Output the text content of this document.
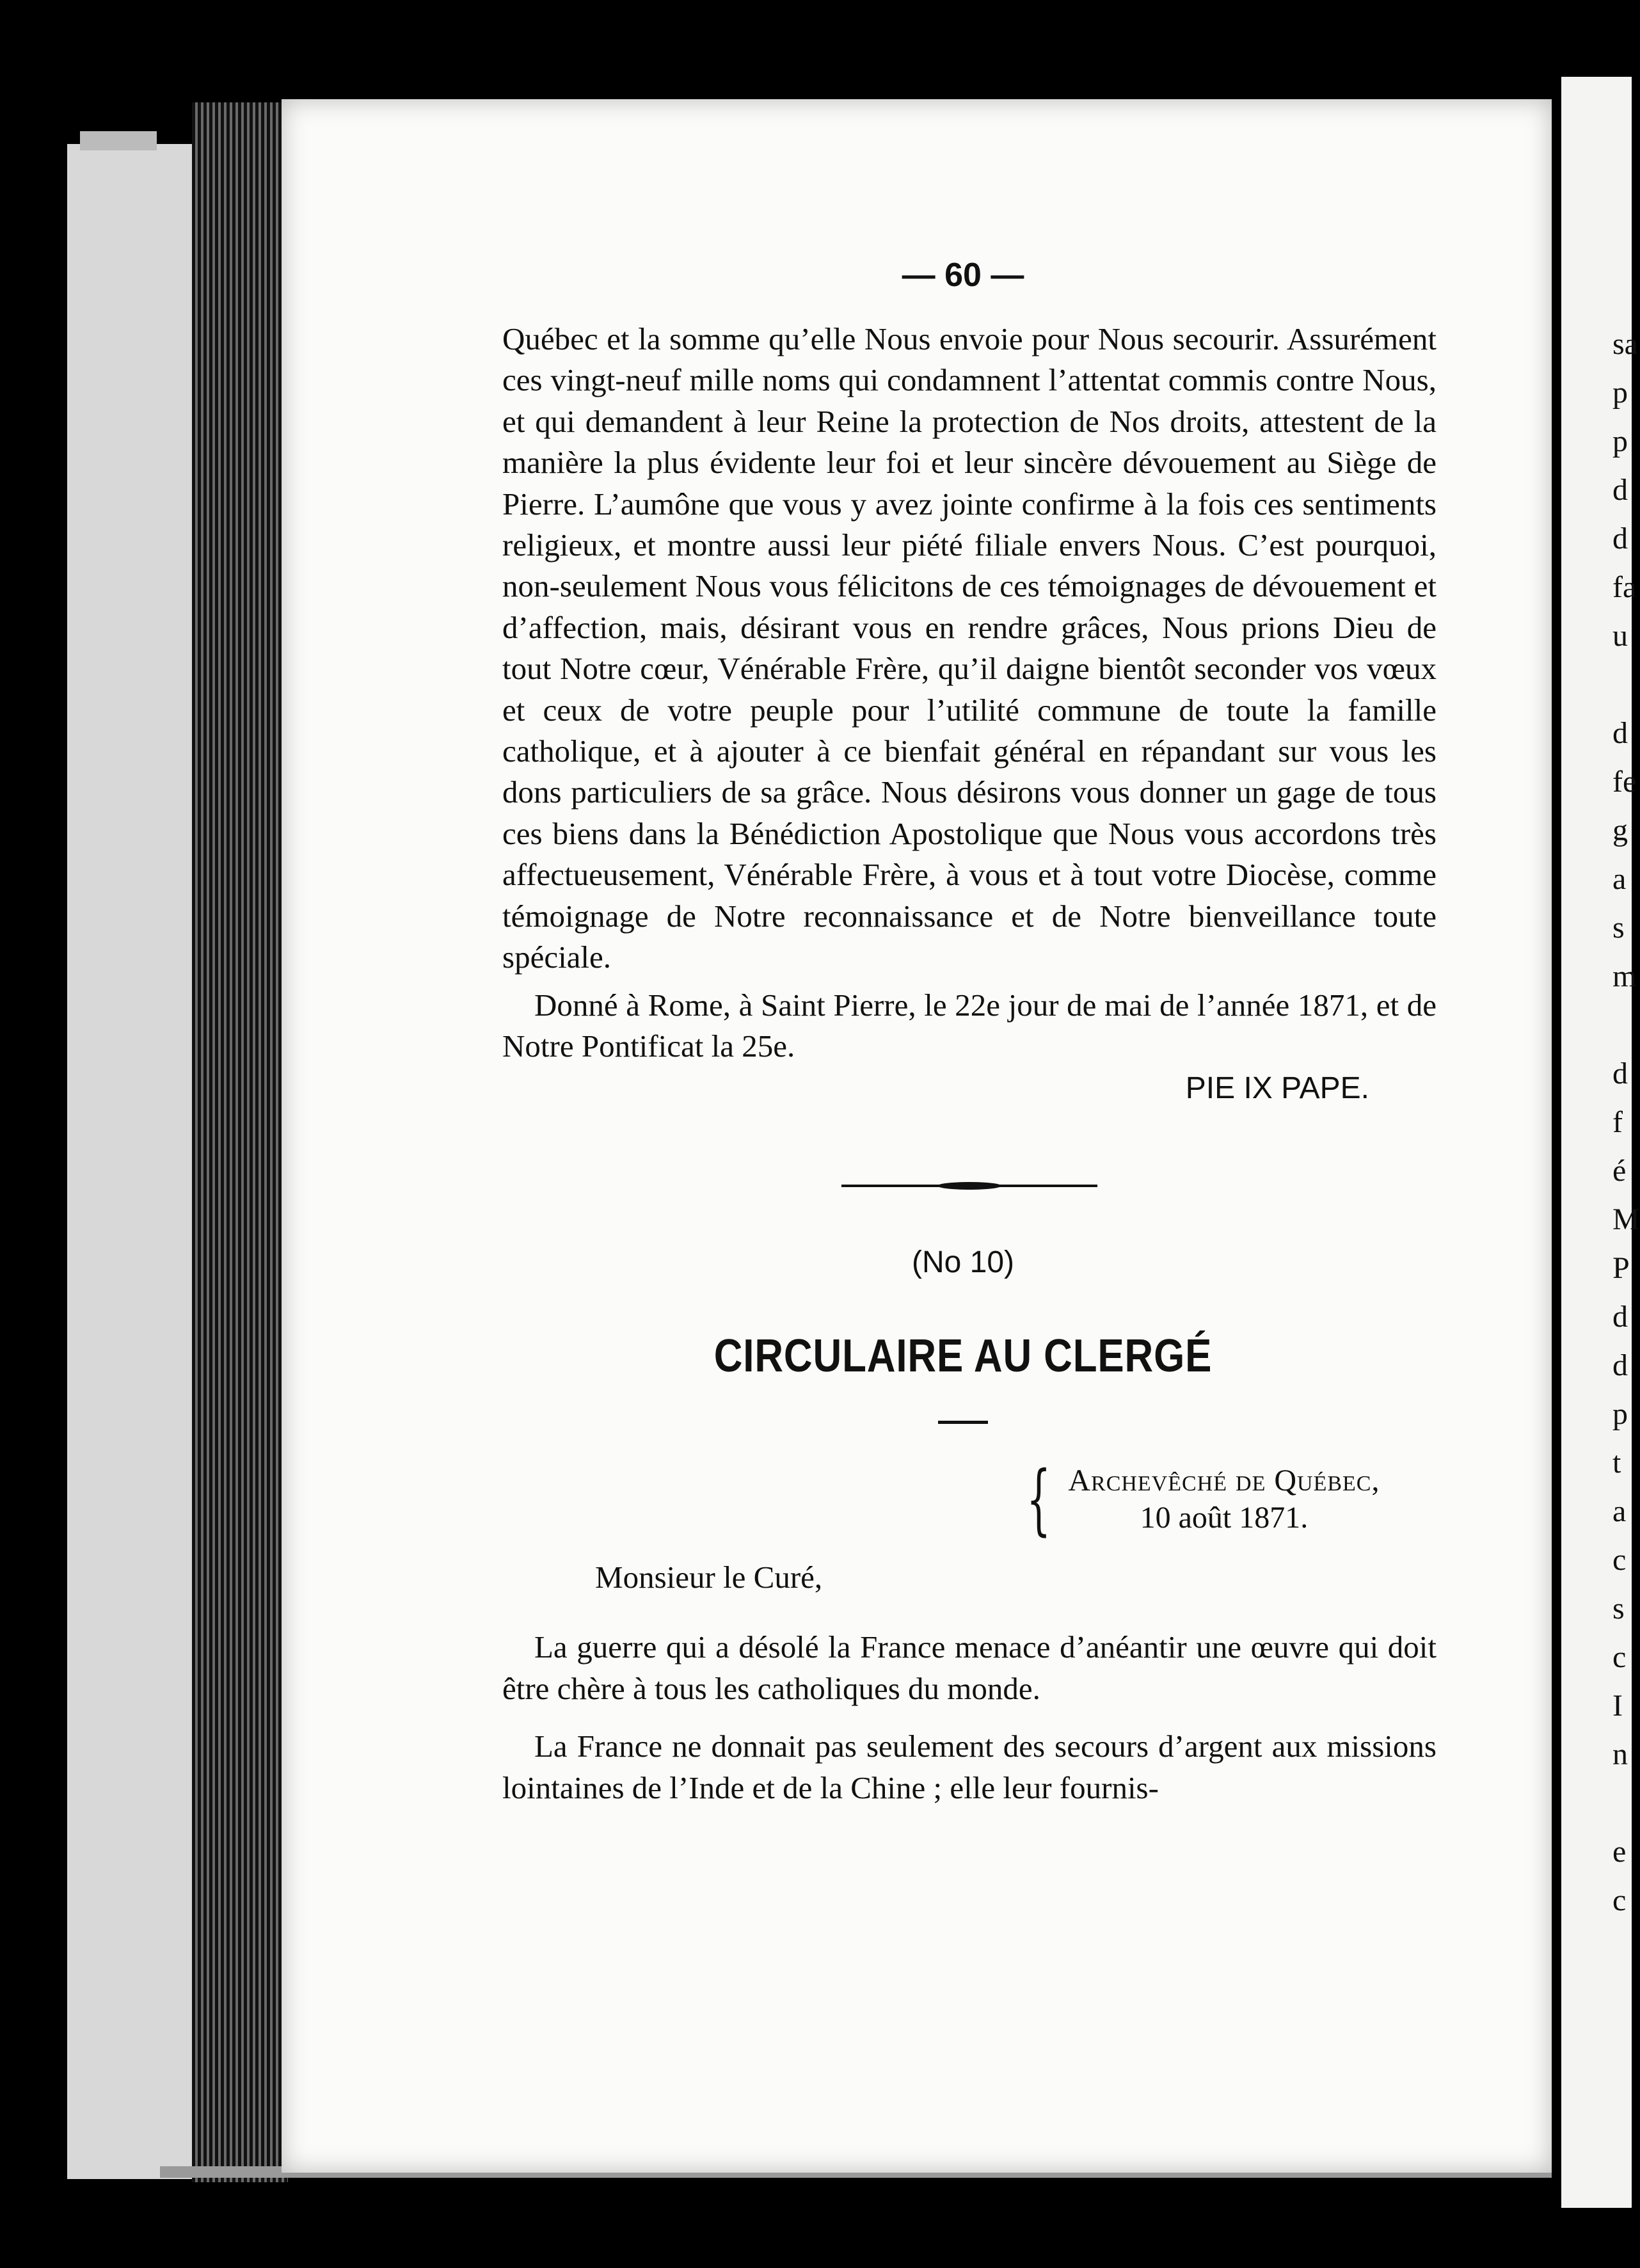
sa
p
p
d
d
fa
u
d
fe
g
a
s
m
d
f
é
M
P
d
d
p
t
a
c
s
c
I
n
e
c
— 60 —

Québec et la somme qu’elle Nous envoie pour Nous secourir. Assurément ces vingt-neuf mille noms qui condamnent l’attentat commis contre Nous, et qui demandent à leur Reine la protection de Nos droits, attestent de la manière la plus évidente leur foi et leur sincère dévouement au Siège de Pierre. L’aumône que vous y avez jointe confirme à la fois ces sentiments religieux, et montre aussi leur piété filiale envers Nous. C’est pourquoi, non-seulement Nous vous félicitons de ces témoignages de dévouement et d’affection, mais, désirant vous en rendre grâces, Nous prions Dieu de tout Notre cœur, Vénérable Frère, qu’il daigne bientôt seconder vos vœux et ceux de votre peuple pour l’utilité commune de toute la famille catholique, et à ajouter à ce bienfait général en répandant sur vous les dons particuliers de sa grâce. Nous désirons vous donner un gage de tous ces biens dans la Bénédiction Apostolique que Nous vous accordons très affectueusement, Vénérable Frère, à vous et à tout votre Diocèse, comme témoignage de Notre reconnaissance et de Notre bienveillance toute spéciale.

Donné à Rome, à Saint Pierre, le 22e jour de mai de l’année 1871, et de Notre Pontificat la 25e.

PIE IX PAPE.
(No 10)
CIRCULAIRE AU CLERGÉ
{ Archevêché de Québec,
10 août 1871.
Monsieur le Curé,

La guerre qui a désolé la France menace d’anéantir une œuvre qui doit être chère à tous les catholiques du monde.

La France ne donnait pas seulement des secours d’argent aux missions lointaines de l’Inde et de la Chine ; elle leur fournis-
